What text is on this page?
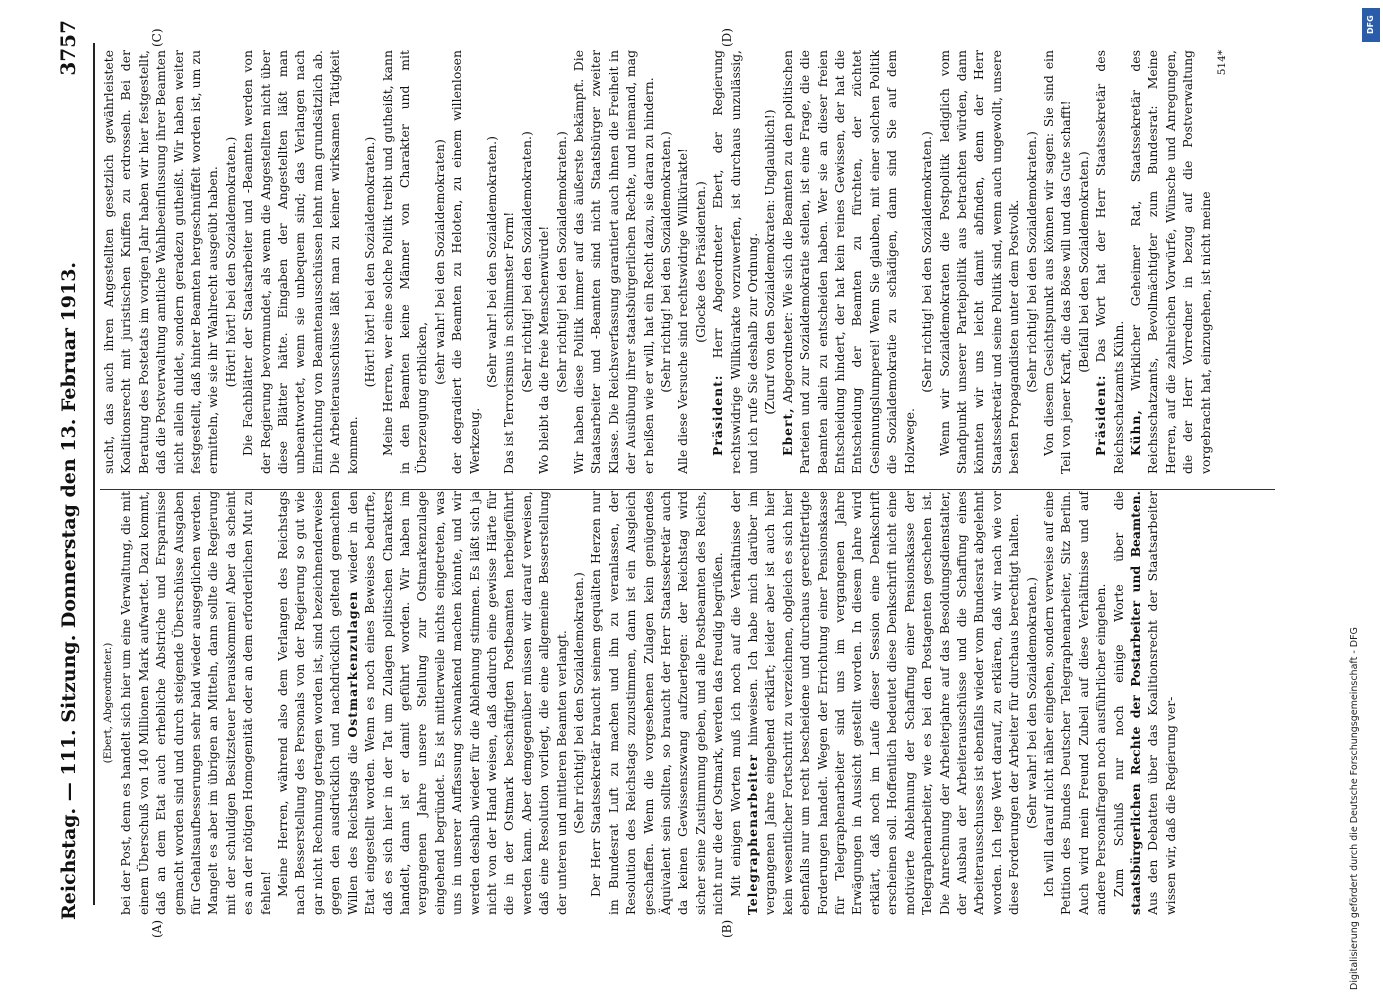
Reichstag. — 111. Sitzung. Donnerstag den 13. Februar 1913.
3757
(A)	(B)
(C)	(D)

(Ebert, Abgeordneter.) bei der Post, denn es handelt sich hier um eine Verwaltung, die mit einem Überschuß von 140 Millionen Mark aufwartet. Dazu kommt, daß an dem Etat auch erhebliche Abstriche und Ersparnisse gemacht worden sind und durch steigende Überschüsse Ausgaben für Gehaltsaufbesserungen sehr bald wieder ausgeglichen werden. Mangelt es aber im übrigen an Mitteln, dann sollte die Regierung mit der schuldigen Besitzsteuer herauskommen! Aber da scheint es an der nötigen Homogenität oder an dem erforderlichen Mut zu fehlen! Meine Herren, während also dem Verlangen des Reichstags nach Besserstellung des Personals von der Regierung so gut wie gar nicht Rechnung getragen worden ist, sind bezeichnenderweise gegen den ausdrücklich und nachdrücklich geltend gemachten Willen des Reichstags die Ostmarkenzulagen wieder in den Etat eingestellt worden. Wenn es noch eines Beweises bedurfte, daß es sich hier in der Tat um Zulagen politischen Charakters handelt, dann ist er damit geführt worden. Wir haben im vergangenen Jahre unsere Stellung zur Ostmarkenzulage eingehend begründet. Es ist mittlerweile nichts eingetreten, was uns in unserer Auffassung schwankend machen könnte, und wir werden deshalb wieder für die Ablehnung stimmen. Es läßt sich ja nicht von der Hand weisen, daß dadurch eine gewisse Härte für die in der Ostmark beschäftigten Postbeamten herbeigeführt werden kann. Aber demgegenüber müssen wir darauf verweisen, daß eine Resolution vorliegt, die eine allgemeine Besserstellung der unteren und mittleren Beamten verlangt. (Sehr richtig! bei den Sozialdemokraten.) Der Herr Staatssekretär braucht seinem gequälten Herzen nur im Bundesrat Luft zu machen und ihn zu veranlassen, der Resolution des Reichstags zuzustimmen, dann ist ein Ausgleich geschaffen. Wenn die vorgesehenen Zulagen kein genügendes Äquivalent sein sollten, so braucht der Herr Staatssekretär auch da keinen Gewissenszwang aufzuerlegen: der Reichstag wird sicher seine Zustimmung geben, und alle Postbeamten des Reichs, nicht nur die der Ostmark, werden das freudig begrüßen. Mit einigen Worten muß ich noch auf die Verhältnisse der Telegraphenarbeiter hinweisen. Ich habe mich darüber im vergangenen Jahre eingehend erklärt; leider aber ist auch hier kein wesentlicher Fortschritt zu verzeichnen, obgleich es sich hier ebenfalls nur um recht bescheidene und durchaus gerechtfertigte Forderungen handelt. Wegen der Errichtung einer Pensionskasse für Telegraphenarbeiter sind uns im vergangenen Jahre Erwägungen in Aussicht gestellt worden. In diesem Jahre wird erklärt, daß noch im Laufe dieser Session eine Denkschrift erscheinen soll. Hoffentlich bedeutet diese Denkschrift nicht eine motivierte Ablehnung der Schaffung einer Pensionskasse der Telegraphenarbeiter, wie es bei den Postagenten geschehen ist. Die Anrechnung der Arbeiterjahre auf das Besoldungsdienstalter, der Ausbau der Arbeiterausschüsse und die Schaffung eines Arbeiterausschusses ist ebenfalls wieder vom Bundesrat abgelehnt worden. Ich lege Wert darauf, zu erklären, daß wir nach wie vor diese Forderungen der Arbeiter für durchaus berechtigt halten. (Sehr wahr! bei den Sozialdemokraten.) Ich will darauf nicht näher eingehen, sondern verweise auf eine Petition des Bundes Deutscher Telegraphenarbeiter, Sitz Berlin. Auch wird mein Freund Zubeil auf diese Verhältnisse und auf andere Personalfragen noch ausführlicher eingehen. Zum Schluß nur noch einige Worte über die staatsbürgerlichen Rechte der Postarbeiter und Beamten. Aus den Debatten über das Koalitionsrecht der Staatsarbeiter wissen wir, daß die Regierung ver-

sucht, das auch ihren Angestellten gesetzlich gewährleistete Koalitionsrecht mit juristischen Kniffen zu erdrosseln. Bei der Beratung des Postetats im vorigen Jahr haben wir hier festgestellt, daß die Postverwaltung amtliche Wahlbeeinflussung ihrer Beamten nicht allein duldet, sondern geradezu gutheißt. Wir haben weiter festgestellt, daß hinter Beamten hergeschnüffelt worden ist, um zu ermitteln, wie sie ihr Wahlrecht ausgeübt haben. (Hört! hört! bei den Sozialdemokraten.) Die Fachblätter der Staatsarbeiter und -Beamten werden von der Regierung bevormundet, als wenn die Angestellten nicht über diese Blätter hätte. Eingaben der Angestellten läßt man unbeantwortet, wenn sie unbequem sind; das Verlangen nach Einrichtung von Beamtenausschüssen lehnt man grundsätzlich ab. Die Arbeiterausschüsse läßt man zu keiner wirksamen Tätigkeit kommen.

(Hört! hört! bei den Sozialdemokraten.) Meine Herren, wer eine solche Politik treibt und gutheißt, kann in den Beamten keine Männer von Charakter und mit Überzeugung erblicken,

(sehr wahr! bei den Sozialdemokraten) der degradiert die Beamten zu Heloten, zu einem willenlosen Werkzeug.

(Sehr wahr! bei den Sozialdemokraten.) Das ist Terrorismus in schlimmster Form! (Sehr richtig! bei den Sozialdemokraten.) Wo bleibt da die freie Menschenwürde! (Sehr richtig! bei den Sozialdemokraten.) Wir haben diese Politik immer auf das äußerste bekämpft. Die Staatsarbeiter und -Beamten sind nicht Staatsbürger zweiter Klasse. Die Reichsverfassung garantiert auch ihnen die Freiheit in der Ausübung ihrer staatsbürgerlichen Rechte, und niemand, mag er heißen wie er will, hat ein Recht dazu, sie daran zu hindern. (Sehr richtig! bei den Sozialdemokraten.) Alle diese Versuche sind rechtswidrige Willkürakte! (Glocke des Präsidenten.)

Präsident: Herr Abgeordneter Ebert, der Regierung rechtswidrige Willkürakte vorzuwerfen, ist durchaus unzulässig, und ich rufe Sie deshalb zur Ordnung. (Zuruf von den Sozialdemokraten: Unglaublich!)

Ebert, Abgeordneter: Wie sich die Beamten zu den politischen Parteien und zur Sozialdemokratie stellen, ist eine Frage, die die Beamten allein zu entscheiden haben. Wer sie an dieser freien Entscheidung hindert, der hat kein reines Gewissen, der hat die Entscheidung der Beamten zu fürchten, der züchtet Gesinnungslumperei! Wenn Sie glauben, mit einer solchen Politik die Sozialdemokratie zu schädigen, dann sind Sie auf dem Holzwege.

(Sehr richtig! bei den Sozialdemokraten.) Wenn wir Sozialdemokraten die Postpolitik lediglich vom Standpunkt unserer Parteipolitik aus betrachten würden, dann könnten wir uns leicht damit abfinden, denn der Herr Staatssekretär und seine Politik sind, wenn auch ungewollt, unsere besten Propagandisten unter dem Postvolk. (Sehr richtig! bei den Sozialdemokraten.) Von diesem Gesichtspunkt aus können wir sagen: Sie sind ein Teil von jener Kraft, die das Böse will und das Gute schafft! (Beifall bei den Sozialdemokraten.)

Präsident: Das Wort hat der Herr Staatssekretär des Reichsschatzamts Kühn. Kühn, Wirklicher Geheimer Rat, Staatssekretär des Reichsschatzamts, Bevollmächtigter zum Bundesrat: Meine Herren, auf die zahlreichen Vorwürfe, Wünsche und Anregungen, die der Herr Vorredner in bezug auf die Postverwaltung vorgebracht hat, einzugehen, ist nicht meine

514*

DFG
Digitalisierung gefördert durch die Deutsche Forschungsgemeinschaft - DFG
